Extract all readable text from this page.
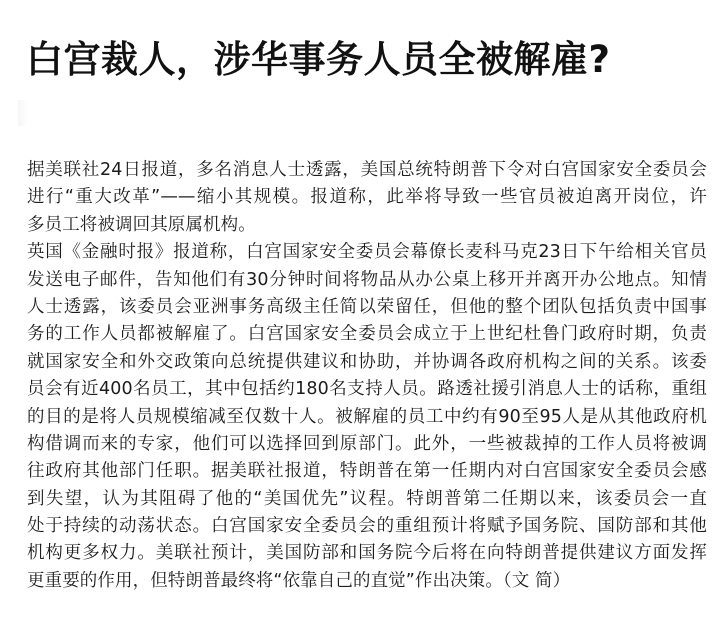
白宫裁人，涉华事务人员全被解雇?
据美联社24日报道，多名消息人士透露，美国总统特朗普下令对白宫国家安全委员会
进行“重大改革”——缩小其规模。报道称，此举将导致一些官员被迫离开岗位，许
多员工将被调回其原属机构。
英国《金融时报》报道称，白宫国家安全委员会幕僚长麦科马克23日下午给相关官员
发送电子邮件，告知他们有30分钟时间将物品从办公桌上移开并离开办公地点。知情
人士透露，该委员会亚洲事务高级主任简以荣留任，但他的整个团队包括负责中国事
务的工作人员都被解雇了。白宫国家安全委员会成立于上世纪杜鲁门政府时期，负责
就国家安全和外交政策向总统提供建议和协助，并协调各政府机构之间的关系。该委
员会有近400名员工，其中包括约180名支持人员。路透社援引消息人士的话称，重组
的目的是将人员规模缩减至仅数十人。被解雇的员工中约有90至95人是从其他政府机
构借调而来的专家，他们可以选择回到原部门。此外，一些被裁掉的工作人员将被调
往政府其他部门任职。据美联社报道，特朗普在第一任期内对白宫国家安全委员会感
到失望，认为其阻碍了他的“美国优先”议程。特朗普第二任期以来，该委员会一直
处于持续的动荡状态。白宫国家安全委员会的重组预计将赋予国务院、国防部和其他
机构更多权力。美联社预计，美国防部和国务院今后将在向特朗普提供建议方面发挥
更重要的作用，但特朗普最终将“依靠自己的直觉”作出决策。（文 简）
